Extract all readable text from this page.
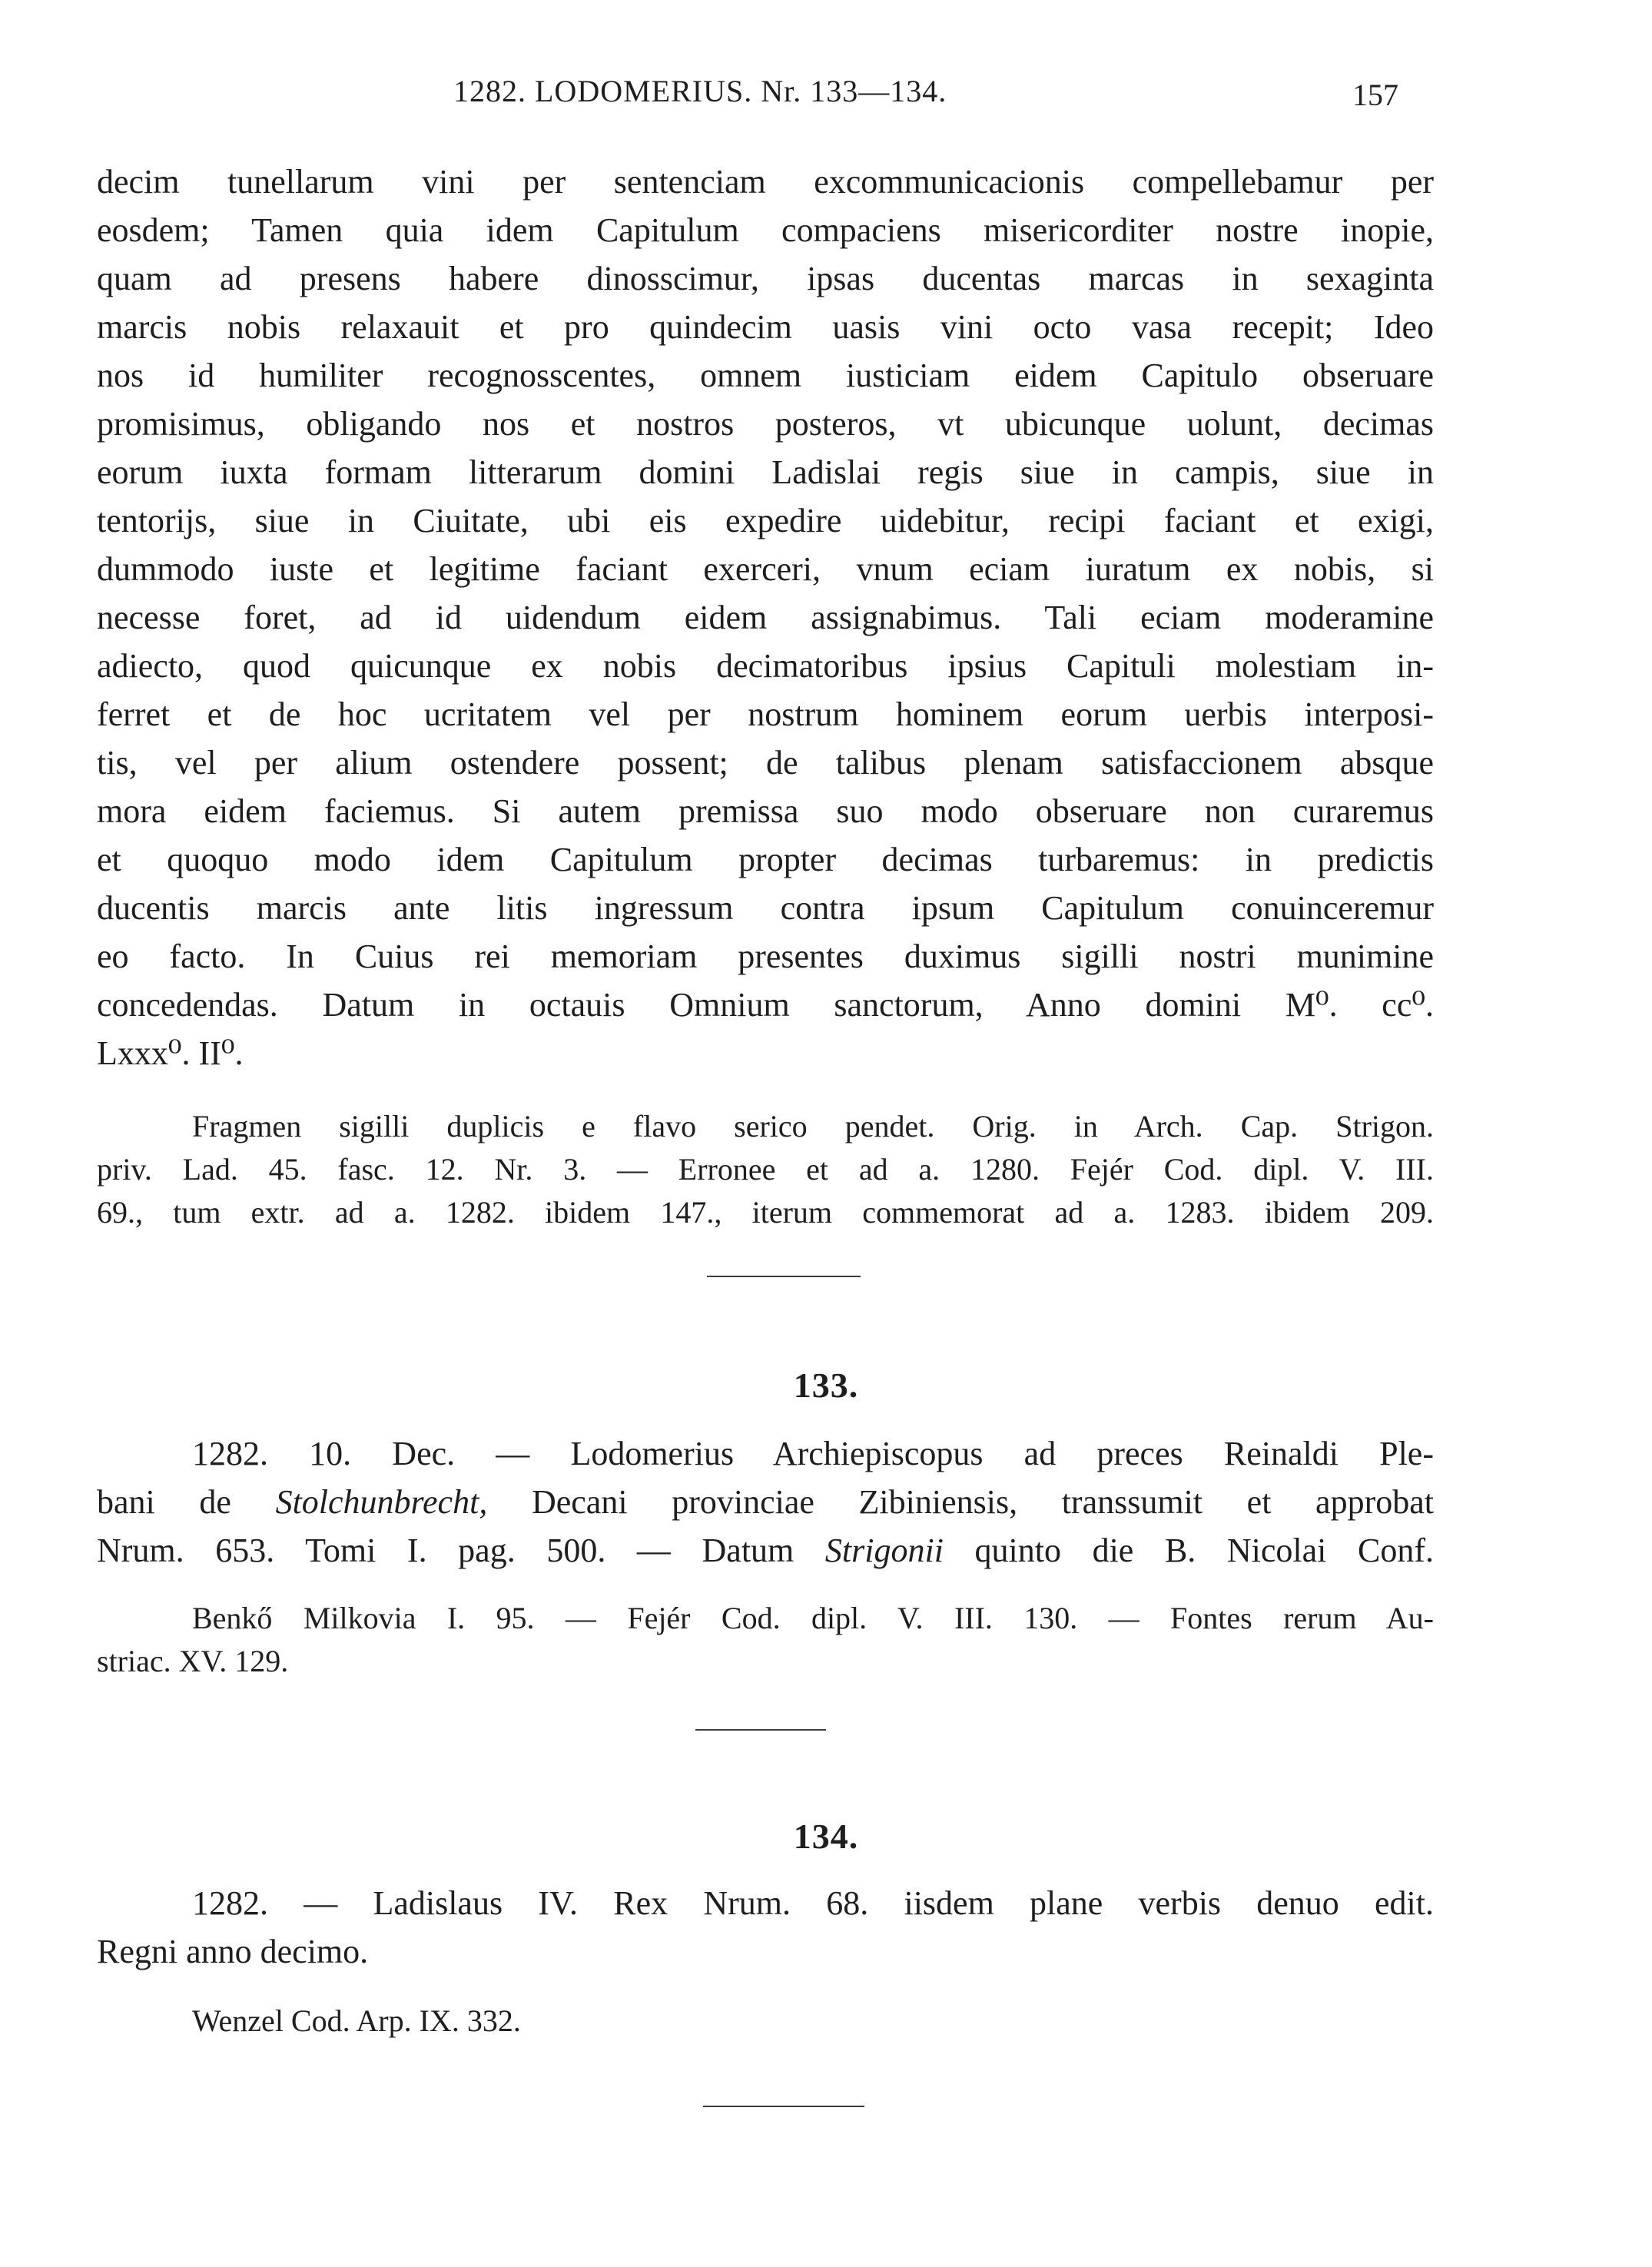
1282. LODOMERIUS. Nr. 133—134.	157
decim tunellarum vini per sentenciam excommunicacionis compellebamur per
eosdem; Tamen quia idem Capitulum compaciens misericorditer nostre inopie,
quam ad presens habere dinosscimur, ipsas ducentas marcas in sexaginta
marcis nobis relaxauit et pro quindecim uasis vini octo vasa recepit; Ideo
nos id humiliter recognosscentes, omnem iusticiam eidem Capitulo obseruare
promisimus, obligando nos et nostros posteros, vt ubicunque uolunt, decimas
eorum iuxta formam litterarum domini Ladislai regis siue in campis, siue in
tentorijs, siue in Ciuitate, ubi eis expedire uidebitur, recipi faciant et exigi,
dummodo iuste et legitime faciant exerceri, vnum eciam iuratum ex nobis, si
necesse foret, ad id uidendum eidem assignabimus. Tali eciam moderamine
adiecto, quod quicunque ex nobis decimatoribus ipsius Capituli molestiam in-
ferret et de hoc ucritatem vel per nostrum hominem eorum uerbis interposi-
tis, vel per alium ostendere possent; de talibus plenam satisfaccionem absque
mora eidem faciemus. Si autem premissa suo modo obseruare non curaremus
et quoquo modo idem Capitulum propter decimas turbaremus: in predictis
ducentis marcis ante litis ingressum contra ipsum Capitulum conuinceremur
eo facto. In Cuius rei memoriam presentes duximus sigilli nostri munimine
concedendas. Datum in octauis Omnium sanctorum, Anno domini M⁰. cc⁰.
Lxxx⁰. II⁰.
Fragmen sigilli duplicis e flavo serico pendet. Orig. in Arch. Cap. Strigon.
priv. Lad. 45. fasc. 12. Nr. 3. — Erronee et ad a. 1280. Fejér Cod. dipl. V. III.
69., tum extr. ad a. 1282. ibidem 147., iterum commemorat ad a. 1283. ibidem 209.
133.
1282. 10. Dec. — Lodomerius Archiepiscopus ad preces Reinaldi Ple-
bani de Stolchunbrecht, Decani provinciae Zibiniensis, transsumit et approbat
Nrum. 653. Tomi I. pag. 500. — Datum Strigonii quinto die B. Nicolai Conf.
Benkő Milkovia I. 95. — Fejér Cod. dipl. V. III. 130. — Fontes rerum Au-
striac. XV. 129.
134.
1282. — Ladislaus IV. Rex Nrum. 68. iisdem plane verbis denuo edit.
Regni anno decimo.
Wenzel Cod. Arp. IX. 332.
